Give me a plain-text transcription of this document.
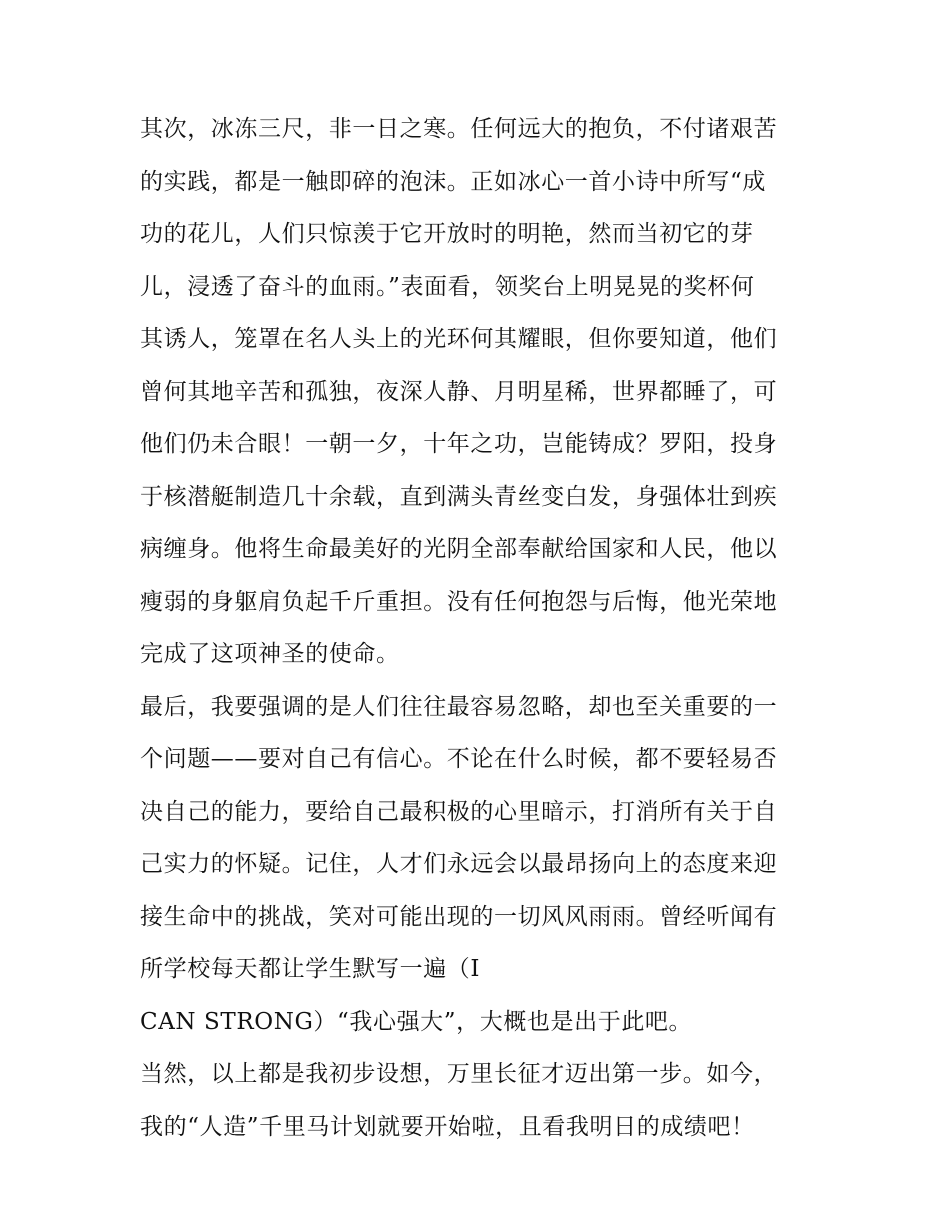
其次，冰冻三尺，非一日之寒。任何远大的抱负，不付诸艰苦
的实践，都是一触即碎的泡沫。正如冰心一首小诗中所写“成
功的花儿，人们只惊羡于它开放时的明艳，然而当初它的芽
儿，浸透了奋斗的血雨。”表面看，领奖台上明晃晃的奖杯何
其诱人，笼罩在名人头上的光环何其耀眼，但你要知道，他们
曾何其地辛苦和孤独，夜深人静、月明星稀，世界都睡了，可
他们仍未合眼！一朝一夕，十年之功，岂能铸成？罗阳，投身
于核潜艇制造几十余载，直到满头青丝变白发，身强体壮到疾
病缠身。他将生命最美好的光阴全部奉献给国家和人民，他以
瘦弱的身躯肩负起千斤重担。没有任何抱怨与后悔，他光荣地
完成了这项神圣的使命。
最后，我要强调的是人们往往最容易忽略，却也至关重要的一
个问题——要对自己有信心。不论在什么时候，都不要轻易否
决自己的能力，要给自己最积极的心里暗示，打消所有关于自
己实力的怀疑。记住，人才们永远会以最昂扬向上的态度来迎
接生命中的挑战，笑对可能出现的一切风风雨雨。曾经听闻有
所学校每天都让学生默写一遍（I
CAN STRONG）“我心强大”，大概也是出于此吧。
当然，以上都是我初步设想，万里长征才迈出第一步。如今，
我的“人造”千里马计划就要开始啦，且看我明日的成绩吧！
